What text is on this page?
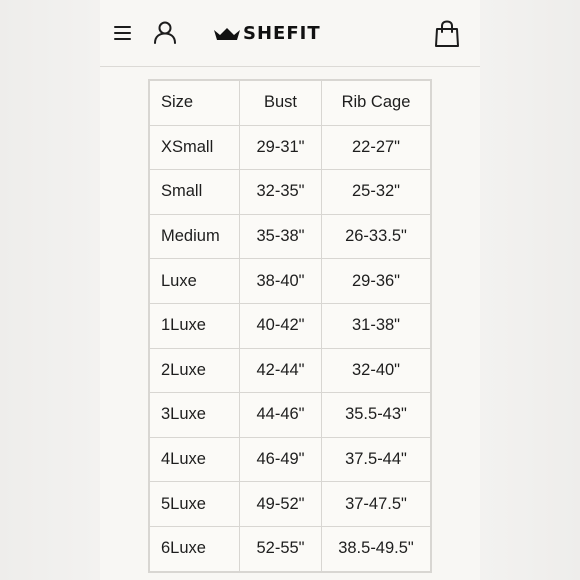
SHEFIT
Size	Bust	Rib Cage
XSmall	29-31"	22-27"
Small	32-35"	25-32"
Medium	35-38"	26-33.5"
Luxe	38-40"	29-36"
1Luxe	40-42"	31-38"
2Luxe	42-44"	32-40"
3Luxe	44-46"	35.5-43"
4Luxe	46-49"	37.5-44"
5Luxe	49-52"	37-47.5"
6Luxe	52-55"	38.5-49.5"
